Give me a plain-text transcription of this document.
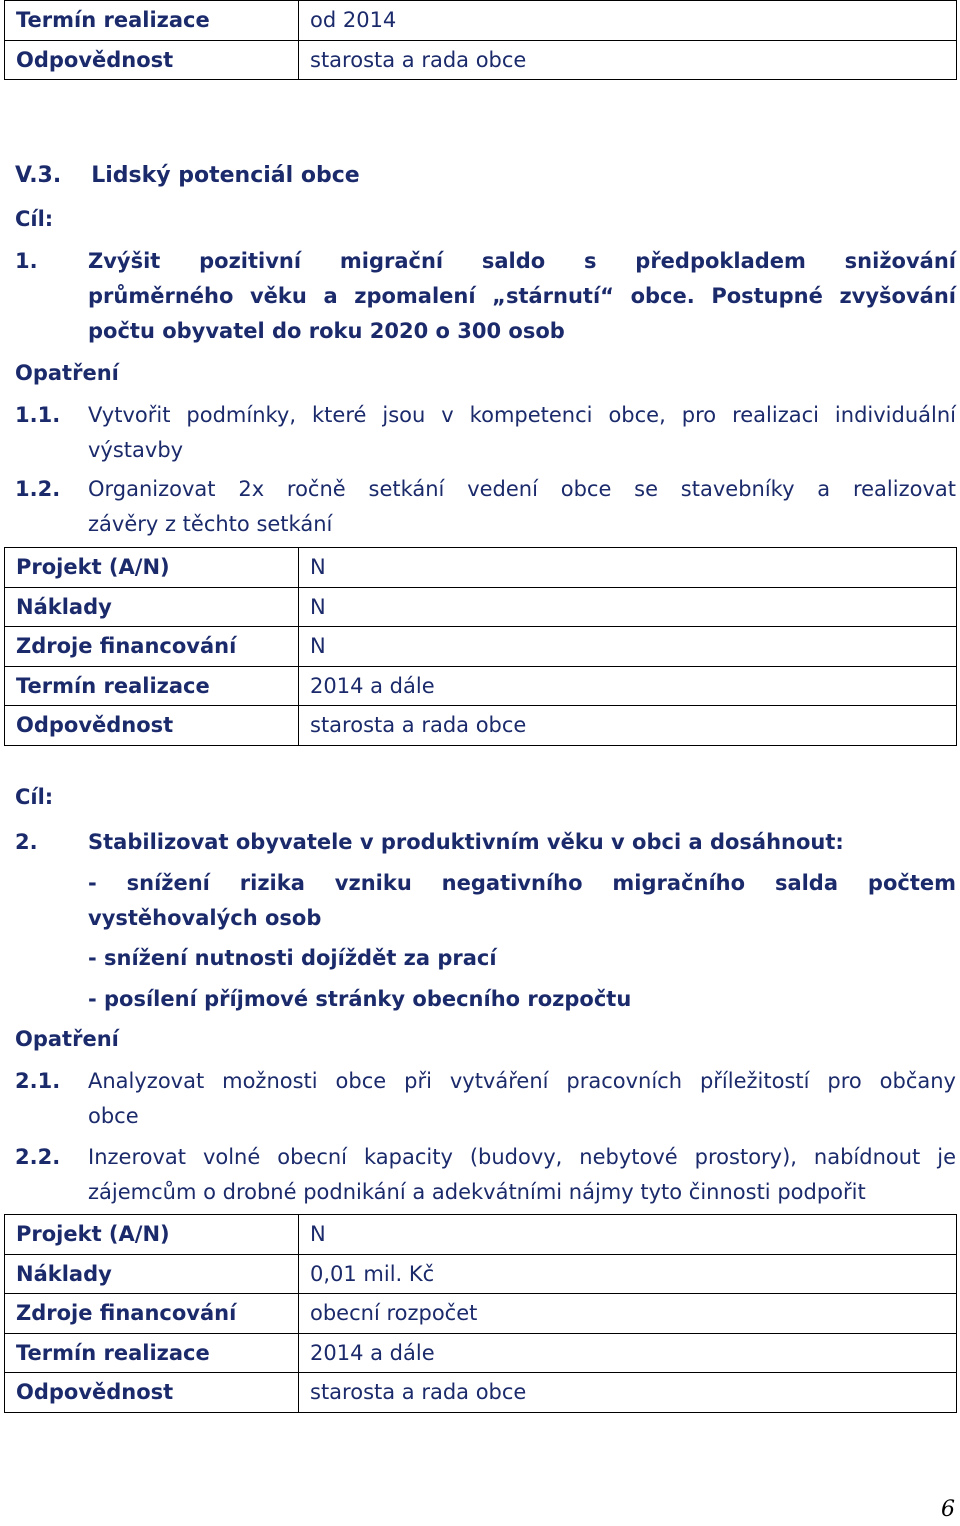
Termín realizace	od 2014
Odpovědnost	starosta a rada obce
V.3. Lidský potenciál obce
Cíl:
1. Zvýšit pozitivní migrační saldo s předpokladem snižování
průměrného věku a zpomalení „stárnutí“ obce. Postupné zvyšování
počtu obyvatel do roku 2020 o 300 osob
Opatření
1.1. Vytvořit podmínky, které jsou v kompetenci obce, pro realizaci individuální
výstavby
1.2. Organizovat 2x ročně setkání vedení obce se stavebníky a realizovat
závěry z těchto setkání
Projekt (A/N)	N
Náklady	N
Zdroje financování	N
Termín realizace	2014 a dále
Odpovědnost	starosta a rada obce
Cíl:
2. Stabilizovat obyvatele v produktivním věku v obci a dosáhnout:
- snížení rizika vzniku negativního migračního salda počtem
vystěhovalých osob
- snížení nutnosti dojíždět za prací
- posílení příjmové stránky obecního rozpočtu
Opatření
2.1. Analyzovat možnosti obce při vytváření pracovních příležitostí pro občany
obce
2.2. Inzerovat volné obecní kapacity (budovy, nebytové prostory), nabídnout je
zájemcům o drobné podnikání a adekvátními nájmy tyto činnosti podpořit
Projekt (A/N)	N
Náklady	0,01 mil. Kč
Zdroje financování	obecní rozpočet
Termín realizace	2014 a dále
Odpovědnost	starosta a rada obce
6
